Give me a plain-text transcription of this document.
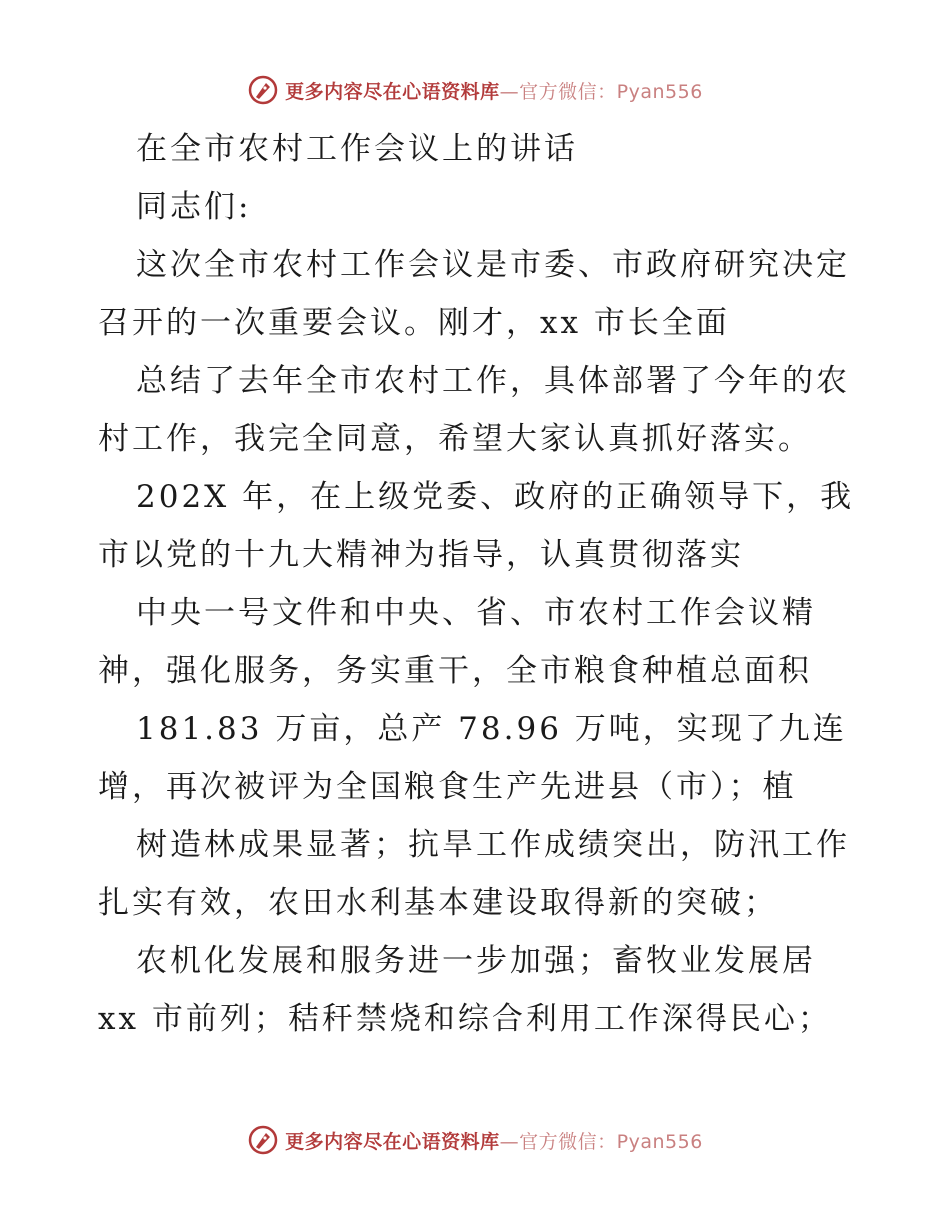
更多内容尽在心语资料库—官方微信：Pyan556
在全市农村工作会议上的讲话
同志们:
这次全市农村工作会议是市委、市政府研究决定
召开的一次重要会议。刚才，xx 市长全面
总结了去年全市农村工作，具体部署了今年的农
村工作，我完全同意，希望大家认真抓好落实。
202X 年，在上级党委、政府的正确领导下，我
市以党的十九大精神为指导，认真贯彻落实
中央一号文件和中央、省、市农村工作会议精
神，强化服务，务实重干，全市粮食种植总面积
181.83 万亩，总产 78.96 万吨，实现了九连
增，再次被评为全国粮食生产先进县（市）；植
树造林成果显著；抗旱工作成绩突出，防汛工作
扎实有效，农田水利基本建设取得新的突破；
农机化发展和服务进一步加强；畜牧业发展居
xx 市前列；秸秆禁烧和综合利用工作深得民心；
更多内容尽在心语资料库—官方微信：Pyan556
